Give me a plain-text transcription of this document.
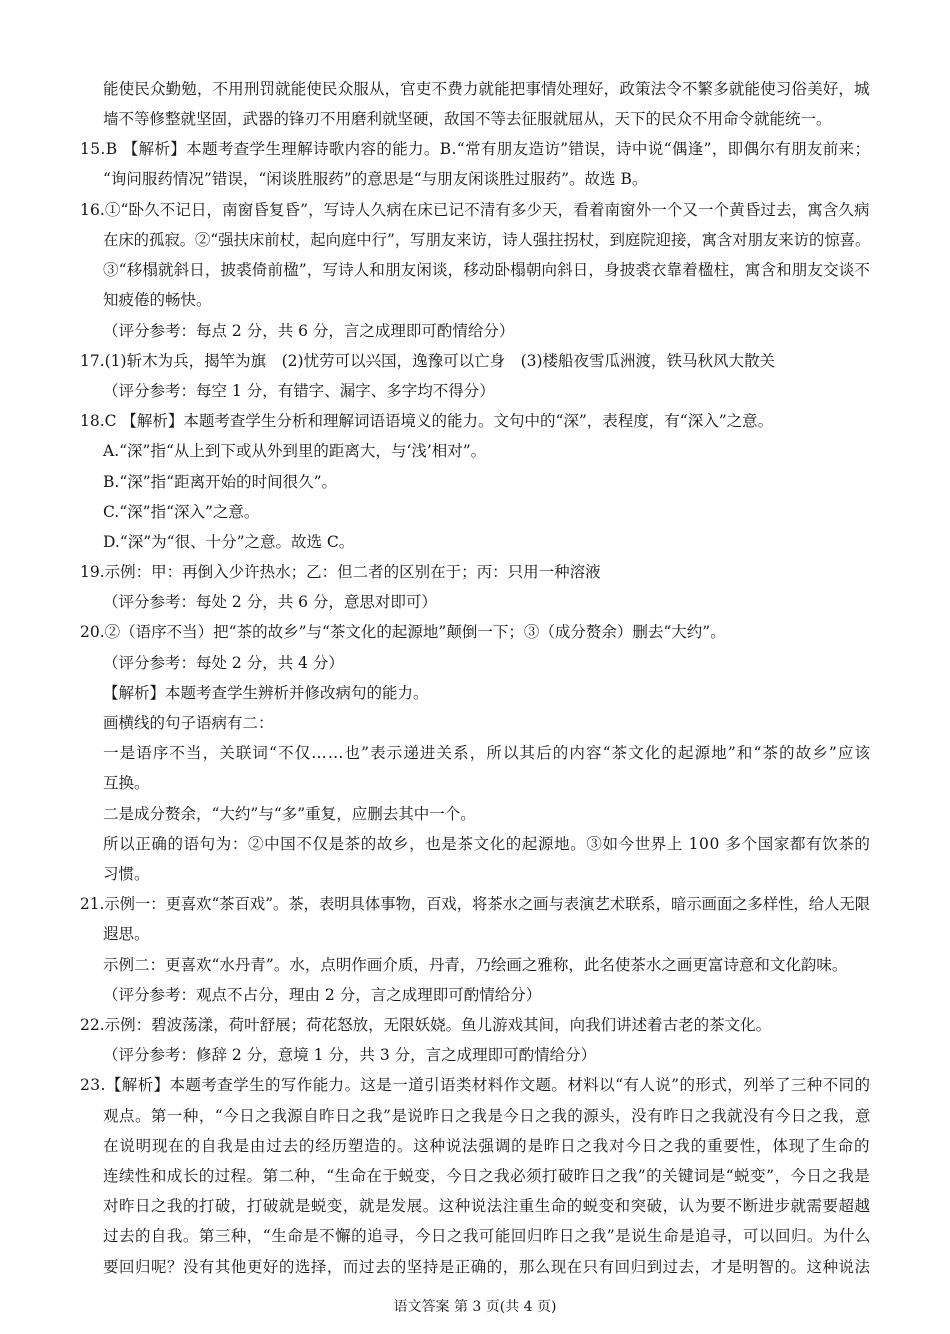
能使民众勤勉，不用刑罚就能使民众服从，官吏不费力就能把事情处理好，政策法令不繁多就能使习俗美好，城
墙不等修整就坚固，武器的锋刃不用磨利就坚硬，敌国不等去征服就屈从，天下的民众不用命令就能统一。
15.B 【解析】本题考查学生理解诗歌内容的能力。B.“常有朋友造访”错误，诗中说“偶逢”，即偶尔有朋友前来；
“询问服药情况”错误，“闲谈胜服药”的意思是“与朋友闲谈胜过服药”。故选 B。
16.①“卧久不记日，南窗昏复昏”，写诗人久病在床已记不清有多少天，看着南窗外一个又一个黄昏过去，寓含久病
在床的孤寂。②“强扶床前杖，起向庭中行”，写朋友来访，诗人强拄拐杖，到庭院迎接，寓含对朋友来访的惊喜。
③“移榻就斜日，披裘倚前楹”，写诗人和朋友闲谈，移动卧榻朝向斜日，身披裘衣靠着楹柱，寓含和朋友交谈不
知疲倦的畅快。
（评分参考：每点 2 分，共 6 分，言之成理即可酌情给分）
17.(1)斩木为兵，揭竿为旗　(2)忧劳可以兴国，逸豫可以亡身　(3)楼船夜雪瓜洲渡，铁马秋风大散关
（评分参考：每空 1 分，有错字、漏字、多字均不得分）
18.C 【解析】本题考查学生分析和理解词语语境义的能力。文句中的“深”，表程度，有“深入”之意。
A.“深”指“从上到下或从外到里的距离大，与‘浅’相对”。
B.“深”指“距离开始的时间很久”。
C.“深”指“深入”之意。
D.“深”为“很、十分”之意。故选 C。
19.示例：甲：再倒入少许热水；乙：但二者的区别在于；丙：只用一种溶液
（评分参考：每处 2 分，共 6 分，意思对即可）
20.②（语序不当）把“茶的故乡”与“茶文化的起源地”颠倒一下；③（成分赘余）删去“大约”。
（评分参考：每处 2 分，共 4 分）
【解析】本题考查学生辨析并修改病句的能力。
画横线的句子语病有二：
一是语序不当，关联词“不仅……也”表示递进关系，所以其后的内容“茶文化的起源地”和“茶的故乡”应该
互换。
二是成分赘余，“大约”与“多”重复，应删去其中一个。
所以正确的语句为：②中国不仅是茶的故乡，也是茶文化的起源地。③如今世界上 100 多个国家都有饮茶的
习惯。
21.示例一：更喜欢“茶百戏”。茶，表明具体事物，百戏，将茶水之画与表演艺术联系，暗示画面之多样性，给人无限
遐思。
示例二：更喜欢“水丹青”。水，点明作画介质，丹青，乃绘画之雅称，此名使茶水之画更富诗意和文化韵味。
（评分参考：观点不占分，理由 2 分，言之成理即可酌情给分）
22.示例：碧波荡漾，荷叶舒展；荷花怒放，无限妖娆。鱼儿游戏其间，向我们讲述着古老的茶文化。
（评分参考：修辞 2 分，意境 1 分，共 3 分，言之成理即可酌情给分）
23.【解析】本题考查学生的写作能力。这是一道引语类材料作文题。材料以“有人说”的形式，列举了三种不同的
观点。第一种，“今日之我源自昨日之我”是说昨日之我是今日之我的源头，没有昨日之我就没有今日之我，意
在说明现在的自我是由过去的经历塑造的。这种说法强调的是昨日之我对今日之我的重要性，体现了生命的
连续性和成长的过程。第二种，“生命在于蜕变，今日之我必须打破昨日之我”的关键词是“蜕变”，今日之我是
对昨日之我的打破，打破就是蜕变，就是发展。这种说法注重生命的蜕变和突破，认为要不断进步就需要超越
过去的自我。第三种，“生命是不懈的追寻，今日之我可能回归昨日之我”是说生命是追寻，可以回归。为什么
要回归呢？没有其他更好的选择，而过去的坚持是正确的，那么现在只有回归到过去，才是明智的。这种说法
语文答案 第 3 页(共 4 页)
